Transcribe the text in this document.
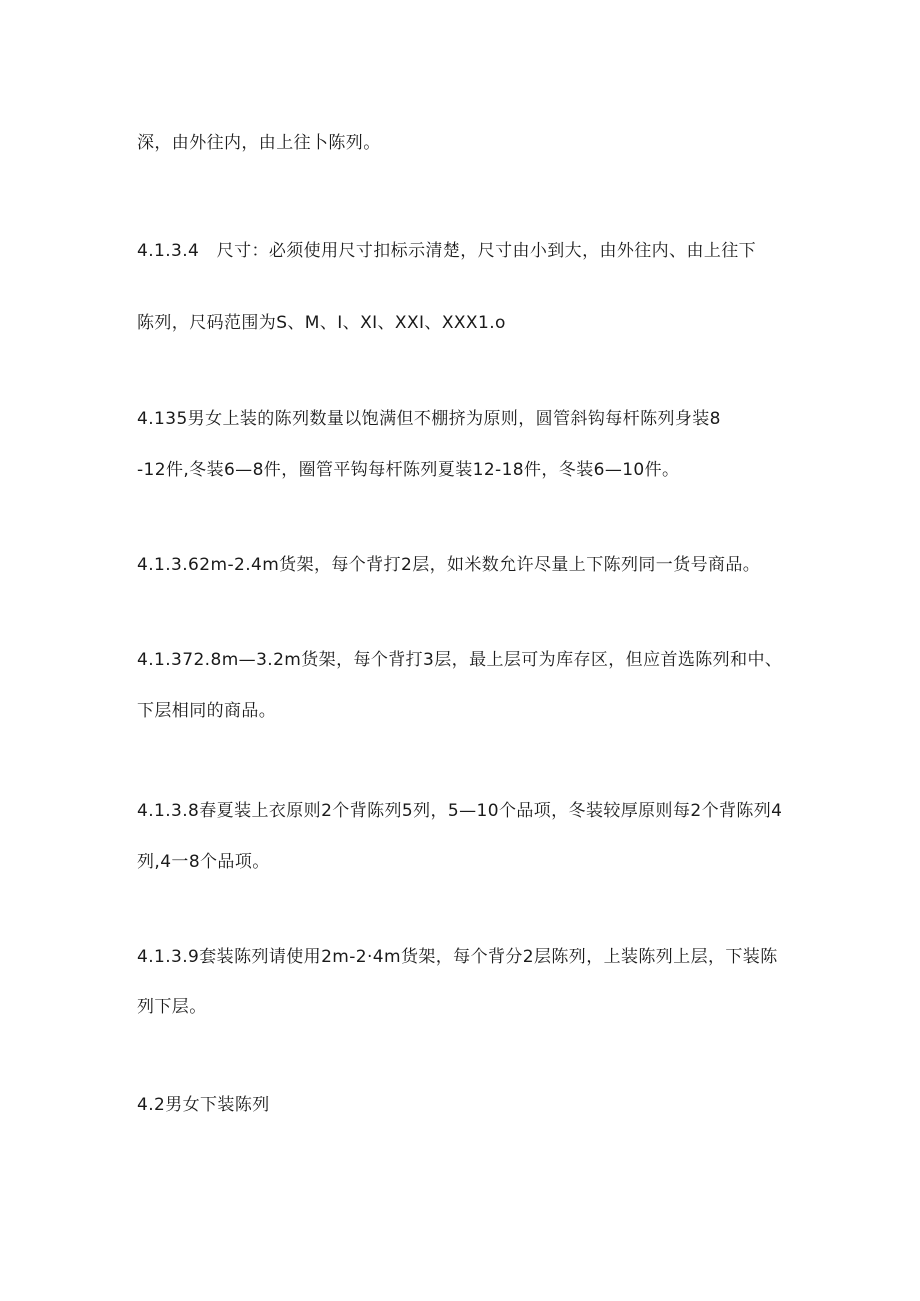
深，由外往内，由上往卜陈列。
4.1.3.4　尺寸：必须使用尺寸扣标示清楚，尺寸由小到大，由外往内、由上往下
陈列，尺码范围为S、M、I、XI、XXI、XXX1.o
4.135男女上装的陈列数量以饱满但不棚挤为原则，圆管斜钩每杆陈列身装8
-12件,冬装6—8件，圈管平钩每杆陈列夏装12-18件，冬装6—10件。
4.1.3.62m-2.4m货架，每个背打2层，如米数允许尽量上下陈列同一货号商品。
4.1.372.8m—3.2m货架，每个背打3层，最上层可为库存区，但应首选陈列和中、
下层相同的商品。
4.1.3.8春夏装上衣原则2个背陈列5列，5—10个品项，冬装较厚原则每2个背陈列4
列,4一8个品项。
4.1.3.9套装陈列请使用2m-2·4m货架，每个背分2层陈列，上装陈列上层，下装陈
列下层。
4.2男女下装陈列
